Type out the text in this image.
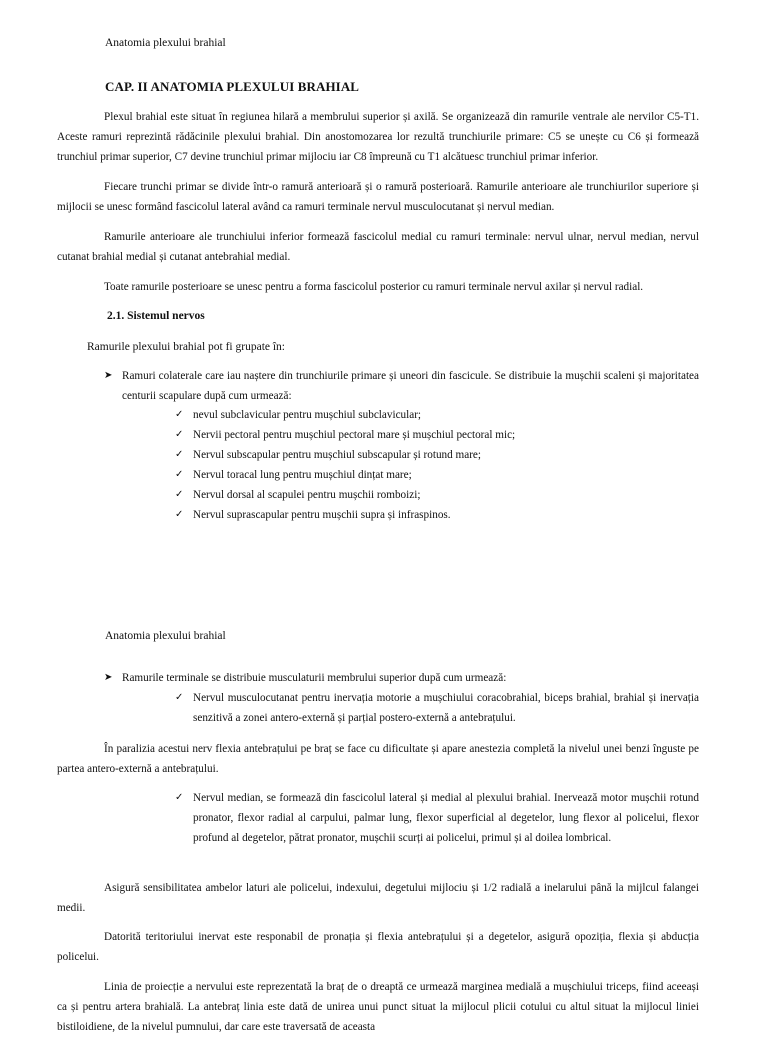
Anatomia plexului brahial
CAP. II ANATOMIA PLEXULUI BRAHIAL
Plexul brahial este situat în regiunea hilară a membrului superior și axilă. Se organizează din ramurile ventrale ale nervilor C5-T1. Aceste ramuri reprezintă rădăcinile plexului brahial. Din anostomozarea lor rezultă trunchiurile primare: C5 se unește cu C6 și formează trunchiul primar superior, C7 devine trunchiul primar mijlociu iar C8 împreună cu T1 alcătuesc trunchiul primar inferior.
Fiecare trunchi primar se divide într-o ramură anterioară și o ramură posterioară. Ramurile anterioare ale trunchiurilor superiore și mijlocii se unesc formând fascicolul lateral având ca ramuri terminale nervul musculocutanat și nervul median.
Ramurile anterioare ale trunchiului inferior formează fascicolul medial cu ramuri terminale: nervul ulnar, nervul median, nervul cutanat brahial medial și cutanat antebrahial medial.
Toate ramurile posterioare se unesc pentru a forma fascicolul posterior cu ramuri terminale nervul axilar și nervul radial.
2.1. Sistemul nervos
Ramurile plexului brahial pot fi grupate în:
➤ Ramuri colaterale care iau naștere din trunchiurile primare și uneori din fascicule. Se distribuie la mușchii scaleni și majoritatea centurii scapulare după cum urmează:
✓ nevul subclavicular pentru mușchiul subclavicular;
✓ Nervii pectoral pentru mușchiul pectoral mare și mușchiul pectoral mic;
✓ Nervul subscapular pentru mușchiul subscapular și rotund mare;
✓ Nervul toracal lung pentru mușchiul dințat mare;
✓ Nervul dorsal al scapulei pentru mușchii romboizi;
✓ Nervul suprascapular pentru mușchii supra și infraspinos.
Anatomia plexului brahial
➤ Ramurile terminale se distribuie musculaturii membrului superior după cum urmează:
✓ Nervul musculocutanat pentru inervația motorie a mușchiului coracobrahial, biceps brahial, brahial și inervația senzitivă a zonei antero-externă și parțial postero-externă a antebrațului.
În paralizia acestui nerv flexia antebrațului pe braț se face cu dificultate și apare anestezia completă la nivelul unei benzi înguste pe partea antero-externă a antebrațului.
✓ Nervul median, se formează din fascicolul lateral și medial al plexului brahial. Inervează motor mușchii rotund pronator, flexor radial al carpului, palmar lung, flexor superficial al degetelor, lung flexor al policelui, flexor profund al degetelor, pătrat pronator, mușchii scurți ai policelui, primul și al doilea lombrical.
Asigură sensibilitatea ambelor laturi ale policelui, indexului, degetului mijlociu și 1/2 radială a inelarului până la mijlcul falangei medii.
Datorită teritoriului inervat este responabil de pronația și flexia antebrațului și a degetelor, asigură opoziția, flexia și abducția policelui.
Linia de proiecție a nervului este reprezentată la braț de o dreaptă ce urmează marginea medială a mușchiului triceps, fiind aceeași ca și pentru artera brahială. La antebraț linia este dată de unirea unui punct situat la mijlocul plicii cotului cu altul situat la mijlocul liniei bistiloidiene, de la nivelul pumnului, dar care este traversată de aceasta
